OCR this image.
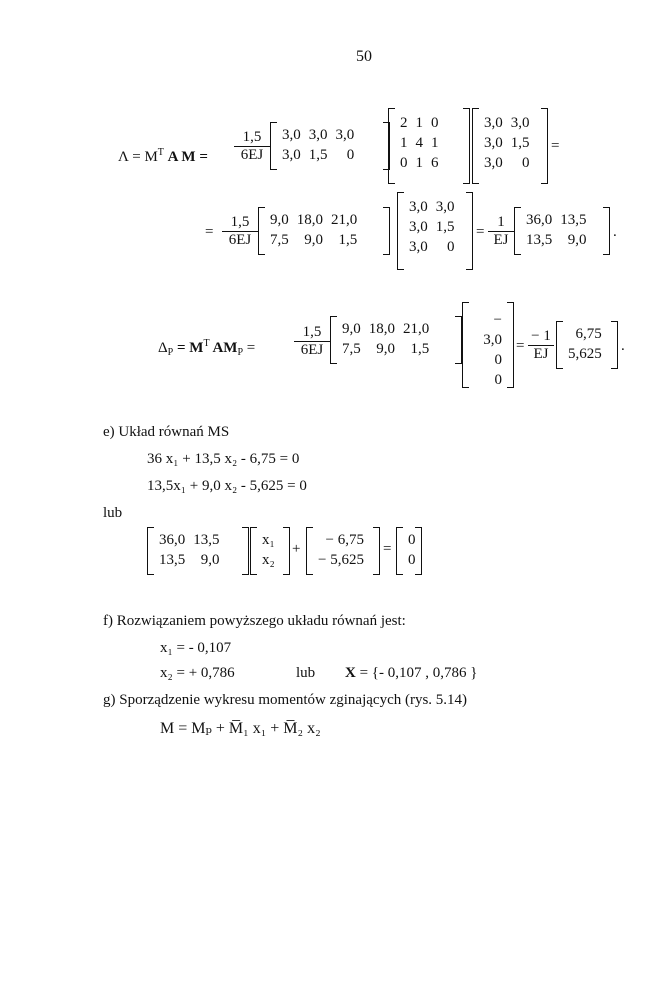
50
$\Lambda = M^T$ A $M = \frac{1,5}{6EJ} 3,0$	3,0	3,0
3,0	1,5	0
2	1	0
1	4	1
0	1	6
3,0	3,0
3,0	1,5
3,0	0
=
= $\frac{1,5}{6EJ} 9,0$	18,0	21,0
7,5	9,0	1,5
3,0	3,0
3,0	1,5
3,0	0
= $\frac{1}{EJ} 36,0$	13,5
13,5	9,0 .
$\Delta_P = M^T$ $AM_P$ =	$\frac{1,5}{6EJ} 9,0$	18,0	21,0
7,5	9,0	1,5
− 3,0
0
0
= $\frac{- 1}{EJ} 6,75$
5,625 .
e) Układ równań MS
36 x₁ + 13,5 x₂ - 6,75 = 0
13,5x₁ + 9,0 x₂ - 5,625 = 0
lub
36,0	13,5
13,5	9,0
x₁
x₂
+
− 6,75
− 5,625
=
0
0
f) Rozwiązaniem powyższego układu równań jest:
x₁ = - 0,107
x₂ = + 0,786	lub X = {- 0,107 , 0,786 }
g) Sporządzenie wykresu momentów zginających (rys. 5.14)
M = Mₚ + M̅₁ x₁ + M̅₂ x₂
